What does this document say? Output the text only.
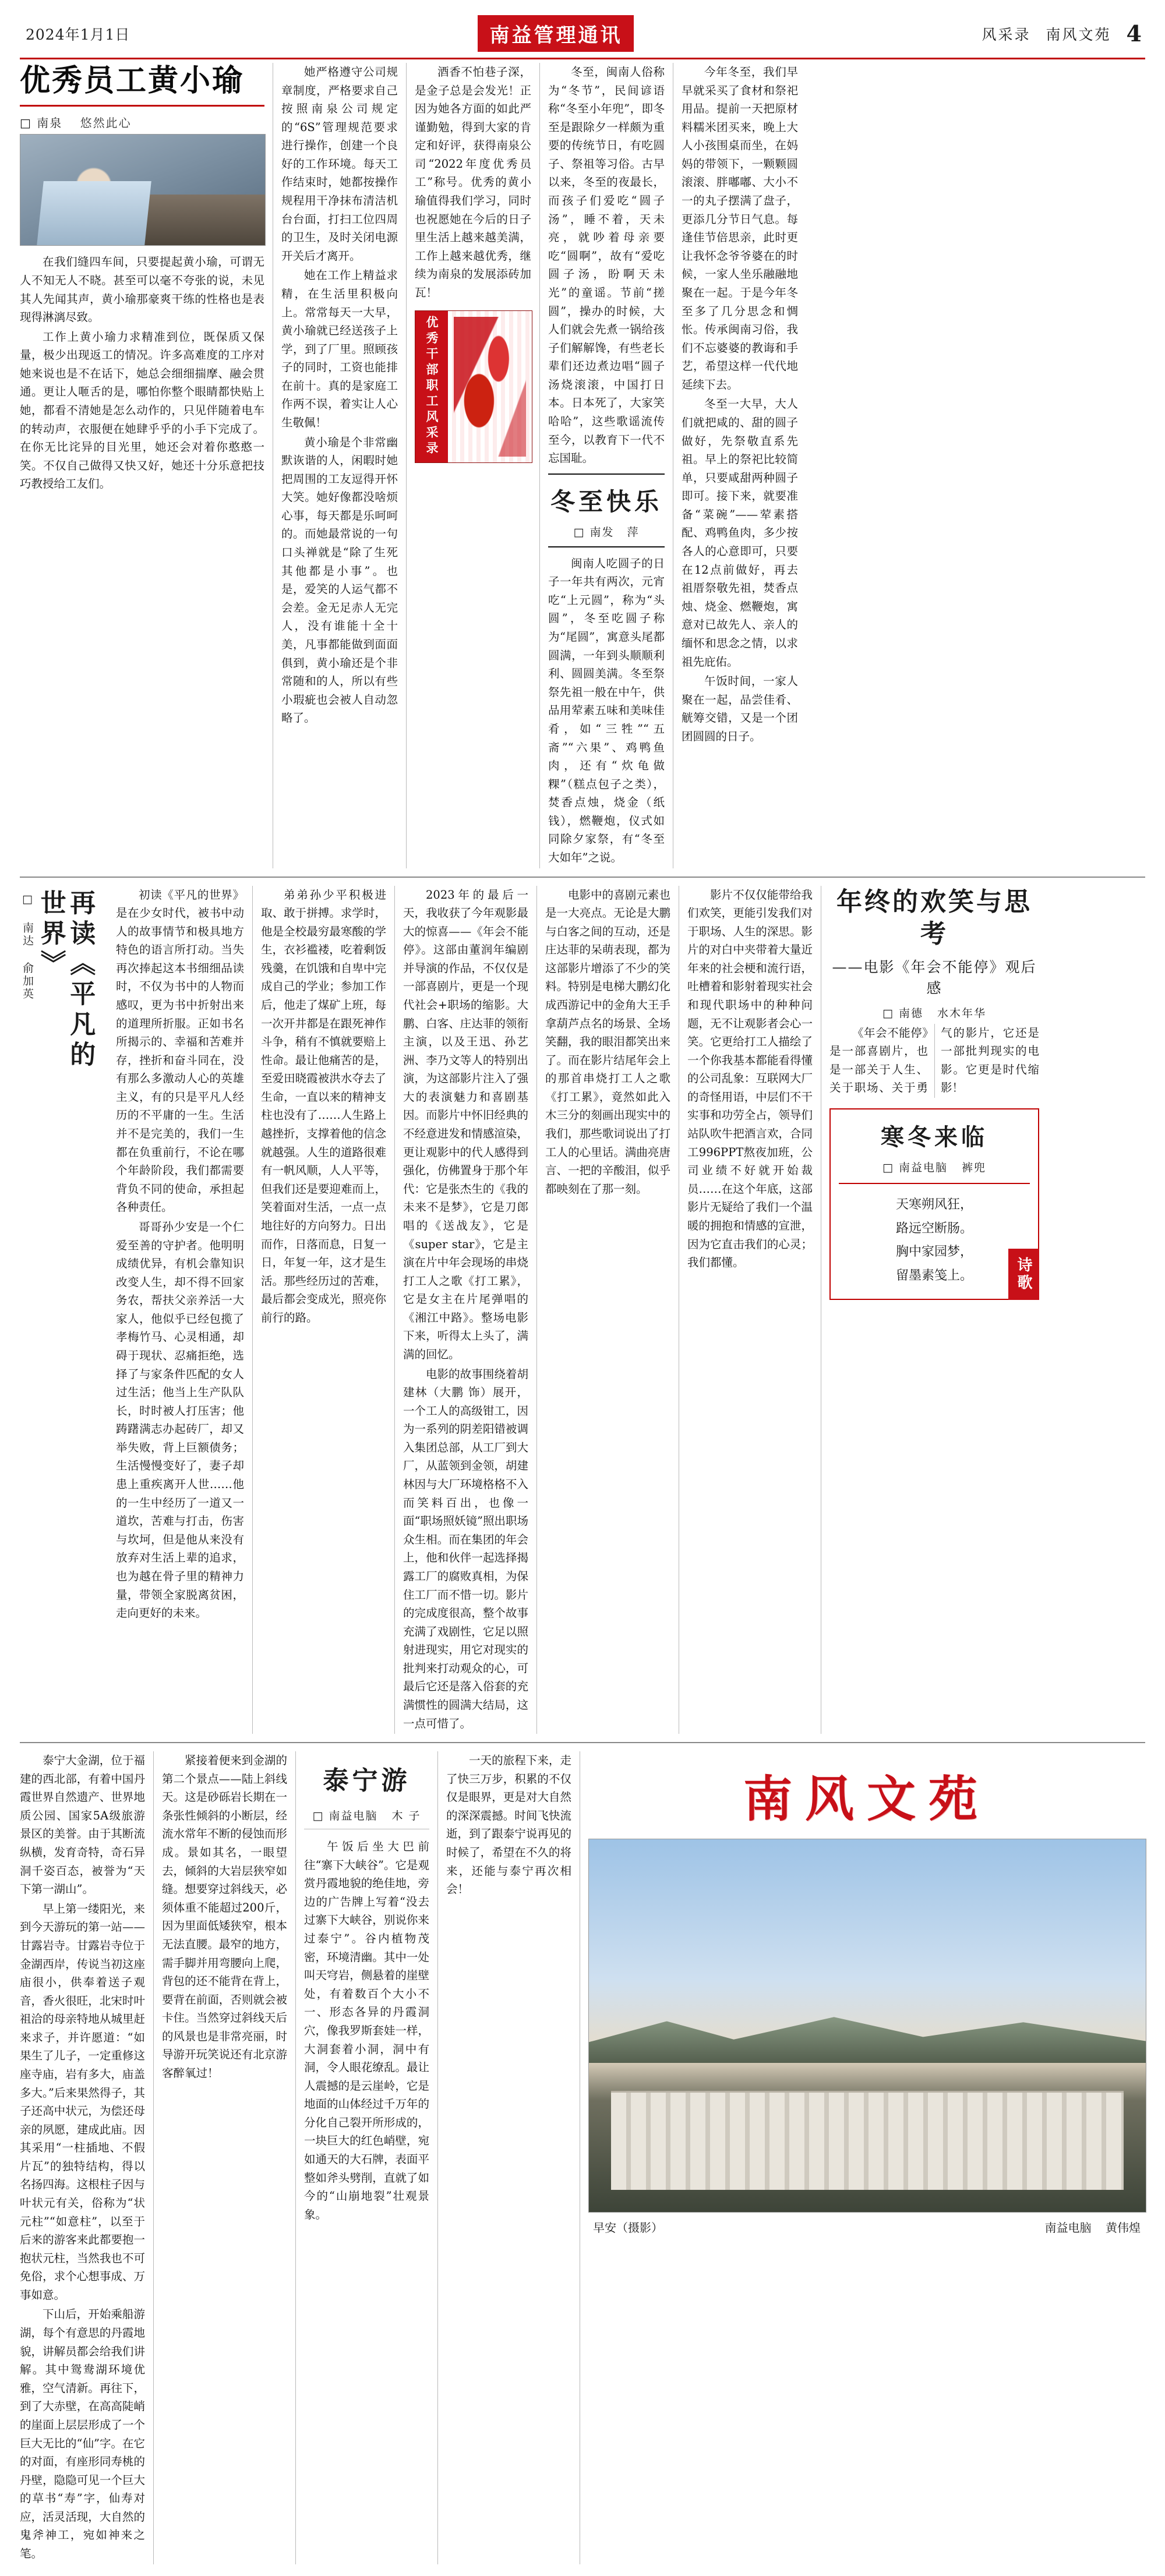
2024年1月1日	南益管理通讯	风采录 南风文苑 4
优秀员工黄小瑜
□ 南泉 悠然此心

在我们缝四车间，只要提起黄小瑜，可谓无人不知无人不晓。甚至可以毫不夸张的说，未见其人先闻其声，黄小瑜那豪爽干练的性格也是表现得淋漓尽致。

工作上黄小瑜力求精准到位，既保质又保量，极少出现返工的情况。许多高难度的工序对她来说也是不在话下，她总会细细揣摩、融会贯通。更让人咂舌的是，哪怕你整个眼睛都快贴上她，都看不清她是怎么动作的，只见伴随着电车的转动声，衣服便在她肆乎乎的小手下完成了。在你无比诧异的目光里，她还会对着你憨憨一笑。不仅自己做得又快又好，她还十分乐意把技巧教授给工友们。

她严格遵守公司规章制度，严格要求自己按照南泉公司规定的“6S”管理规范要求进行操作，创建一个良好的工作环境。每天工作结束时，她都按操作规程用干净抹布清洁机台台面，打扫工位四周的卫生，及时关闭电源开关后才离开。

她在工作上精益求精，在生活里积极向上。常常每天一大早，黄小瑜就已经送孩子上学，到了厂里。照顾孩子的同时，工资也能排在前十。真的是家庭工作两不误，着实让人心生敬佩！

黄小瑜是个非常幽默诙谐的人，闲暇时她把周围的工友逗得开怀大笑。她好像都没啥烦心事，每天都是乐呵呵的。而她最常说的一句口头禅就是“除了生死其他都是小事”。也是，爱笑的人运气都不会差。金无足赤人无完人，没有谁能十全十美，凡事都能做到面面俱到，黄小瑜还是个非常随和的人，所以有些小瑕疵也会被人自动忽略了。

酒香不怕巷子深，是金子总是会发光！正因为她各方面的如此严谨勤勉，得到大家的肯定和好评，获得南泉公司“2022年度优秀员工”称号。优秀的黄小瑜值得我们学习，同时也祝愿她在今后的日子里生活上越来越美满，工作上越来越优秀，继续为南泉的发展添砖加瓦！

优秀干部职工风采录

冬至，闽南人俗称为“冬节”，民间谚语称“冬至小年兜”，即冬至是跟除夕一样颇为重要的传统节日，有吃圆子、祭祖等习俗。古早以来，冬至的夜最长，而孩子们爱吃“圆子汤”，睡不着，天未亮，就吵着母亲要吃“圆啊”，故有“爱吃圆子汤，盼啊天未光”的童谣。节前“搓圆”，操办的时候，大人们就会先煮一锅给孩子们解解馋，有些老长辈们还边煮边唱“圆子汤烧滚滚，中国打日本。日本死了，大家笑哈哈”，这些歌谣流传至今，以教育下一代不忘国耻。

冬至快乐
□ 南发 萍

闽南人吃圆子的日子一年共有两次，元宵吃“上元圆”，称为“头圆”，冬至吃圆子称为“尾圆”，寓意头尾都圆满，一年到头顺顺利利、圆圆美满。冬至祭祭先祖一般在中午，供品用荤素五味和美味佳肴，如“三牲”“五斋”“六果”、鸡鸭鱼肉，还有“炊龟做粿”（糕点包子之类），焚香点烛，烧金（纸钱），燃鞭炮，仪式如同除夕家祭，有“冬至大如年”之说。

今年冬至，我们早早就采买了食材和祭祀用品。提前一天把原材料糯米团买来，晚上大人小孩围桌而坐，在妈妈的带领下，一颗颗圆滚滚、胖嘟嘟、大小不一的丸子摆满了盘子，更添几分节日气息。每逢佳节倍思亲，此时更让我怀念爷爷婆在的时候，一家人坐乐融融地聚在一起。于是今年冬至多了几分思念和惆怅。传承闽南习俗，我们不忘婆婆的教诲和手艺，希望这样一代代地延续下去。

冬至一大早，大人们就把咸的、甜的圆子做好，先祭敬直系先祖。早上的祭祀比较简单，只要咸甜两种圆子即可。接下来，就要准备“菜碗”——荤素搭配、鸡鸭鱼肉，多少按各人的心意即可，只要在12点前做好，再去祖厝祭敬先祖，焚香点烛、烧金、燃鞭炮，寓意对已故先人、亲人的缅怀和思念之情，以求祖先庇佑。

午饭时间，一家人聚在一起，品尝佳肴、觥筹交错，又是一个团团圆圆的日子。

再读《平凡的世界》
□ 南达 俞加英

初读《平凡的世界》是在少女时代，被书中动人的故事情节和极具地方特色的语言所打动。当失再次捧起这本书细细品读时，不仅为书中的人物而感叹，更为书中折射出来的道理所折服。正如书名所揭示的、幸福和苦难并存，挫折和奋斗同在，没有那么多激动人心的英雄主义，有的只是平凡人经历的不平庸的一生。生活并不是完美的，我们一生都在负重前行，不论在哪个年龄阶段，我们都需要背负不同的使命，承担起各种责任。

哥哥孙少安是一个仁爱至善的守护者。他明明成绩优异，有机会靠知识改变人生，却不得不回家务农，帮扶父亲养活一大家人，他似乎已经包揽了孝梅竹马、心灵相通，却碍于现状、忍痛拒绝，选择了与家条件匹配的女人过生活；他当上生产队队长，时时被人打压害；他踌躇满志办起砖厂，却又举失败，背上巨额债务；生活慢慢变好了，妻子却患上重疾离开人世……他的一生中经历了一道又一道坎，苦难与打击，伤害与坎坷，但是他从来没有放弃对生活上辈的追求，也为越在骨子里的精神力量，带领全家脱离贫困，走向更好的未来。

弟弟孙少平积极进取、敢于拼搏。求学时，他是全校最穷最寒酸的学生，衣衫褴褛，吃着剩饭残羹，在饥饿和自卑中完成自己的学业；参加工作后，他走了煤矿上班，每一次开井都是在跟死神作斗争，稍有不慎就要赔上性命。最让他痛苦的是，至爱田晓霞被洪水夺去了生命，一直以来的精神支柱也没有了……人生路上越挫折，支撑着他的信念就越强。人生的道路很难有一帆风顺，人人平等，但我们还是要迎难而上，笑着面对生活，一点一点地往好的方向努力。日出而作，日落而息，日复一日，年复一年，这才是生活。那些经历过的苦难，最后都会变成光，照亮你前行的路。

2023年的最后一天，我收获了今年观影最大的惊喜——《年会不能停》。这部由董润年编剧并导演的作品，不仅仅是一部喜剧片，更是一个现代社会+职场的缩影。大鹏、白客、庄达菲的领衔主演，以及王迅、孙艺洲、李乃文等人的特别出演，为这部影片注入了强大的表演魅力和喜剧基因。而影片中怀旧经典的不经意进发和情感渲染，更让观影中的代人感得到强化，仿佛置身于那个年代：它是张杰生的《我的未来不是梦》，它是刀郎唱的《送战友》，它是《super star》，它是主演在片中年会现场的串烧打工人之歌《打工累》，它是女主在片尾弹唱的《湘江中路》。整场电影下来，听得太上头了，满满的回忆。

电影的故事围绕着胡建林（大鹏 饰）展开，一个工人的高级钳工，因为一系列的阴差阳错被调入集团总部，从工厂到大厂，从蓝领到金领，胡建林因与大厂环境格格不入而笑料百出，也像一面“职场照妖镜”照出职场众生相。而在集团的年会上，他和伙伴一起选择揭露工厂的腐败真相，为保住工厂而不惜一切。影片的完成度很高，整个故事充满了戏剧性，它足以照射进现实，用它对现实的批判来打动观众的心，可最后它还是落入俗套的充满惯性的圆满大结局，这一点可惜了。

电影中的喜剧元素也是一大亮点。无论是大鹏与白客之间的互动，还是庄达菲的呆萌表现，都为这部影片增添了不少的笑料。特别是电梯大鹏幻化成西游记中的金角大王手拿葫芦点名的场景、全场笑翻，我的眼泪都笑出来了。而在影片结尾年会上的那首串烧打工人之歌《打工累》，竟然如此入木三分的刻画出现实中的我们，那些歌词说出了打工人的心里话。满曲亮唐言、一把的辛酸泪，似乎都映刻在了那一刻。

影片不仅仅能带给我们欢笑，更能引发我们对于职场、人生的深思。影片的对白中夹带着大量近年来的社会梗和流行语，吐槽着和影射着现实社会和现代职场中的种种问题，无不让观影者会心一笑。它更给打工人描绘了一个你我基本都能看得懂的公司乱象：互联网大厂的奇怪用语，中层们不干实事和功劳全占，领导们站队吹牛把酒言欢，合同工996PPT熬夜加班，公司业绩不好就开始裁员……在这个年底，这部影片无疑给了我们一个温暖的拥抱和情感的宣泄，因为它直击我们的心灵；我们都懂。

年终的欢笑与思考
——电影《年会不能停》观后感
□ 南德 水木年华

《年会不能停》是一部喜剧片，也是一部关于人生、关于职场、关于勇气的影片，它还是一部批判现实的电影。它更是时代缩影！

寒冬来临
□ 南益电脑 裤兜
天寒朔风狂，
路远空断肠。
胸中家园梦，
留墨素笺上。	诗歌

泰宁大金湖，位于福建的西北部，有着中国丹霞世界自然遗产、世界地质公园、国家5A级旅游景区的美誉。由于其断流纵横，发育奇特，奇石异洞千姿百态，被誉为“天下第一湖山”。

早上第一缕阳光，来到今天游玩的第一站——甘露岩寺。甘露岩寺位于金湖西岸，传说当初这座庙很小，供奉着送子观音，香火很旺，北宋时叶祖洽的母亲特地从城里赶来求子，并许愿道：“如果生了儿子，一定重修这座寺庙，岩有多大，庙盖多大。”后来果然得子，其子还高中状元，为偿还母亲的夙愿，建成此庙。因其采用“一柱插地、不假片瓦”的独特结构，得以名扬四海。这根柱子因与叶状元有关，俗称为“状元柱”“如意柱”，以至于后来的游客来此都要抱一抱状元柱，当然我也不可免俗，求个心想事成、万事如意。

下山后，开始乘船游湖，每个有意思的丹霞地貌，讲解员都会给我们讲解。其中鸳鸯湖环境优雅，空气清新。再往下，到了大赤壁，在高高陡峭的崖面上层层形成了一个巨大无比的“仙”字。在它的对面，有座形同寿桃的丹壁，隐隐可见一个巨大的草书“寿”字，仙寿对应，活灵活现，大自然的鬼斧神工，宛如神来之笔。

紧接着便来到金湖的第二个景点——陆上斜线天。这是砂砾岩长期在一条张性倾斜的小断层，经流水常年不断的侵蚀而形成。景如其名，一眼望去，倾斜的大岩层狭窄如缝。想要穿过斜线天，必须体重不能超过200斤，因为里面低矮狭窄，根本无法直腰。最窄的地方，需手脚并用弯腰向上爬，背包的还不能背在背上，要背在前面，否则就会被卡住。当然穿过斜线天后的风景也是非常亮丽，时导游开玩笑说还有北京游客醉氧过！

泰宁游
□ 南益电脑 木 子

午饭后坐大巴前往“寨下大峡谷”。它是观赏丹霞地貌的绝佳地，旁边的广告牌上写着“没去过寨下大峡谷，别说你来过泰宁”。谷内植物茂密，环境清幽。其中一处叫天穹岩，侧悬着的崖壁处，有着数百个大小不一、形态各异的丹霞洞穴，像我罗斯套娃一样，大洞套着小洞，洞中有洞，令人眼花缭乱。最让人震撼的是云崖岭，它是地面的山体经过千万年的分化自己裂开所形成的，一块巨大的红色峭壁，宛如通天的大石牌，表面平整如斧头劈削，直就了如今的“山崩地裂”壮观景象。

一天的旅程下来，走了快三万步，积累的不仅仅是眼界，更是对大自然的深深震撼。时间飞快流逝，到了跟泰宁说再见的时候了，希望在不久的将来，还能与泰宁再次相会！

南风文苑
早安（摄影）	南益电脑 黄伟煌
